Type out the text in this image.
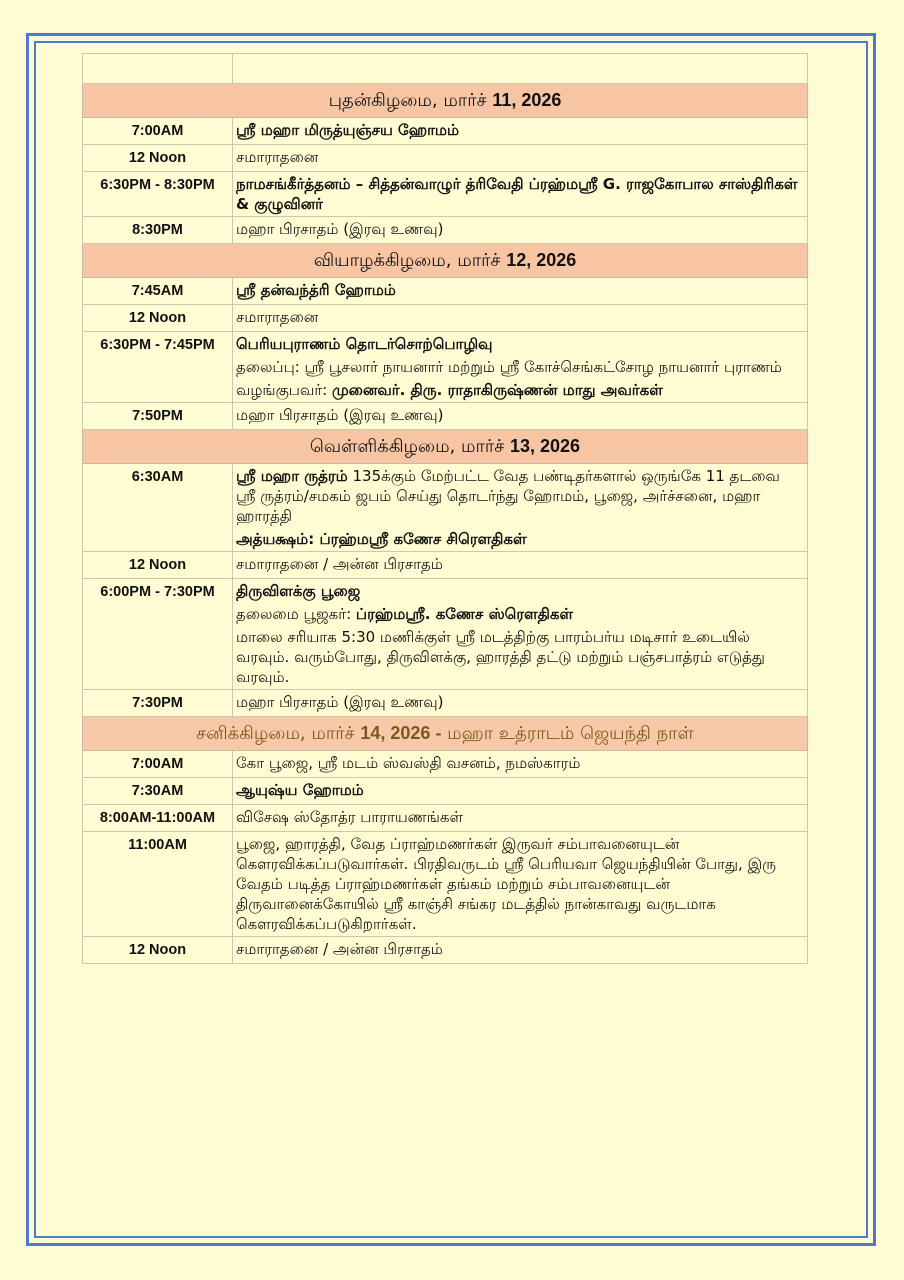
புதன்கிழமை, மார்ச் 11, 2026	
7:00AM	ஸ்ரீ மஹா மிருத்யுஞ்சய ஹோமம்

12 Noon	சமாராதனை

6:30PM - 8:30PM	நாமசங்கீர்த்தனம் – சித்தன்வாழுர் த்ரிவேதி ப்ரஹ்மஸ்ரீ G. ராஜகோபால சாஸ்திரிகள் & குழுவினர்

8:30PM	மஹா பிரசாதம் (இரவு உணவு)

வியாழக்கிழமை, மார்ச் 12, 2026	
7:45AM	ஸ்ரீ தன்வந்த்ரி ஹோமம்

12 Noon	சமாராதனை

6:30PM - 7:45PM	பெரியபுராணம் தொடர்சொற்பொழிவு

தலைப்பு: ஸ்ரீ பூசலார் நாயனார் மற்றும் ஸ்ரீ கோச்செங்கட்சோழ நாயனார் புராணம்

வழங்குபவர்: முனைவர். திரு. ராதாகிருஷ்ணன் மாது அவர்கள்

7:50PM	மஹா பிரசாதம் (இரவு உணவு)

வெள்ளிக்கிழமை, மார்ச் 13, 2026	
6:30AM	ஸ்ரீ மஹா ருத்ரம் 135க்கும் மேற்பட்ட வேத பண்டிதர்களால் ஒருங்கே 11 தடவை ஸ்ரீ ருத்ரம்/சமகம் ஜபம் செய்து தொடர்ந்து ஹோமம், பூஜை, அர்ச்சனை, மஹா ஹாரத்தி

அத்யக்ஷம்: ப்ரஹ்மஸ்ரீ கணேச சிரௌதிகள்

12 Noon	சமாராதனை / அன்ன பிரசாதம்

6:00PM - 7:30PM	திருவிளக்கு பூஜை

தலைமை பூஜகர்: ப்ரஹ்மஸ்ரீ. கணேச ஸ்ரௌதிகள்

மாலை சரியாக 5:30 மணிக்குள் ஸ்ரீ மடத்திற்கு பாரம்பர்ய மடிசார் உடையில் வரவும். வரும்போது, திருவிளக்கு, ஹாரத்தி தட்டு மற்றும் பஞ்சபாத்ரம் எடுத்து வரவும்.

7:30PM	மஹா பிரசாதம் (இரவு உணவு)

சனிக்கிழமை, மார்ச் 14, 2026 - மஹா உத்ராடம் ஜெயந்தி நாள்	
7:00AM	கோ பூஜை, ஸ்ரீ மடம் ஸ்வஸ்தி வசனம், நமஸ்காரம்

7:30AM	ஆயுஷ்ய ஹோமம்

8:00AM-11:00AM	விசேஷ ஸ்தோத்ர பாராயணங்கள்

11:00AM	பூஜை, ஹாரத்தி, வேத ப்ராஹ்மணர்கள் இருவர் சம்பாவனையுடன் கௌரவிக்கப்படுவார்கள். பிரதிவருடம் ஸ்ரீ பெரியவா ஜெயந்தியின் போது, இரு வேதம் படித்த ப்ராஹ்மணர்கள் தங்கம் மற்றும் சம்பாவனையுடன் திருவானைக்கோயில் ஸ்ரீ காஞ்சி சங்கர மடத்தில் நான்காவது வருடமாக கௌரவிக்கப்படுகிறார்கள்.

12 Noon	சமாராதனை / அன்ன பிரசாதம்
